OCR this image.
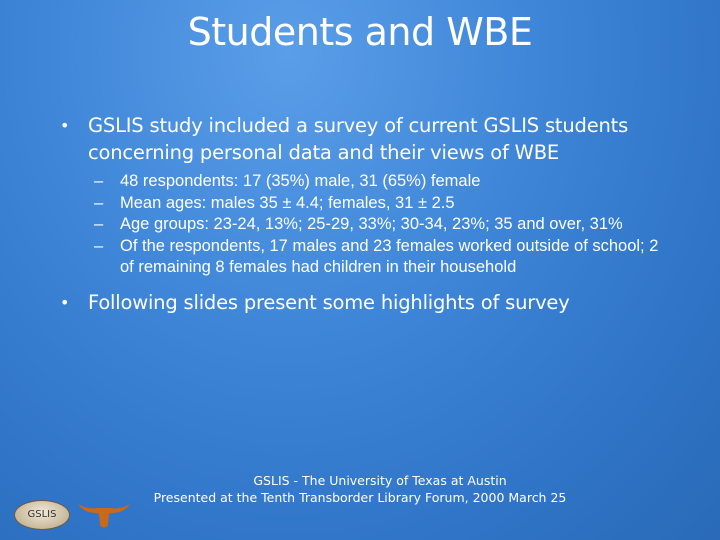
Students and WBE
• GSLIS study included a survey of current GSLIS students concerning personal data and their views of WBE
– 48 respondents: 17 (35%) male, 31 (65%) female
– Mean ages: males 35 ± 4.4; females, 31 ± 2.5
– Age groups: 23-24, 13%; 25-29, 33%; 30-34, 23%; 35 and over, 31%
– Of the respondents, 17 males and 23 females worked outside of school; 2 of remaining 8 females had children in their household
• Following slides present some highlights of survey
GSLIS
GSLIS - The University of Texas at Austin
Presented at the Tenth Transborder Library Forum, 2000 March 25
